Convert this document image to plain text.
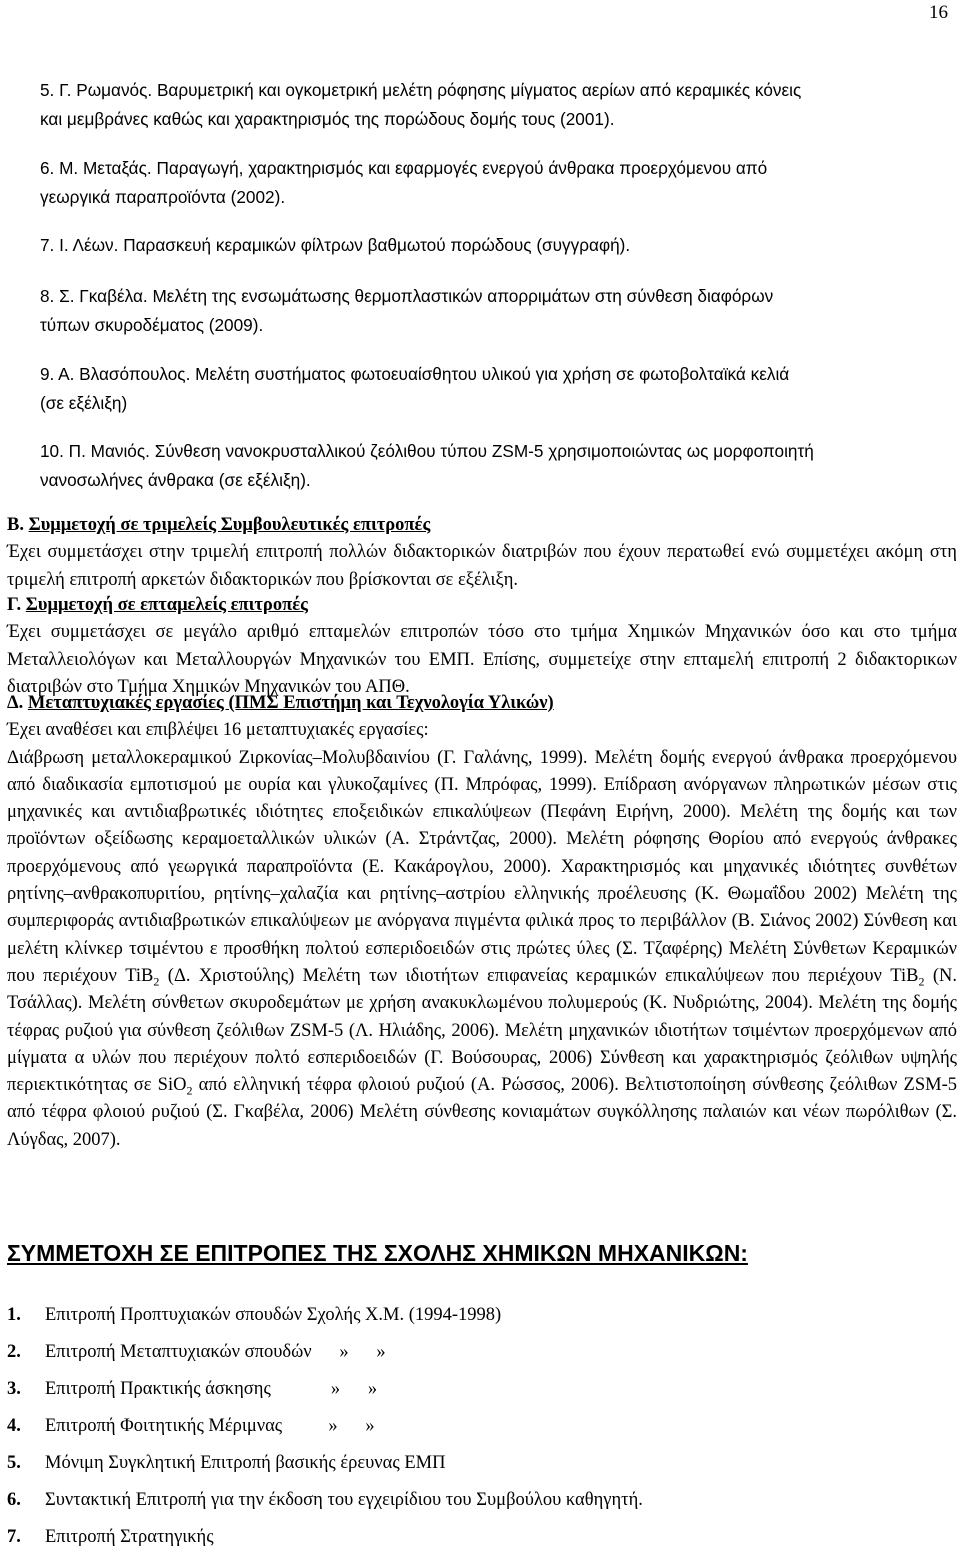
16

5. Γ. Ρωμανός. Βαρυμετρική και ογκομετρική μελέτη ρόφησης μίγματος αερίων από κεραμικές κόνεις
και μεμβράνες καθώς και χαρακτηρισμός της πορώδους δομής τους (2001).

6. Μ. Μεταξάς. Παραγωγή, χαρακτηρισμός και εφαρμογές ενεργού άνθρακα προερχόμενου από
γεωργικά παραπροϊόντα (2002).

7. Ι. Λέων. Παρασκευή κεραμικών φίλτρων βαθμωτού πορώδους (συγγραφή).

8. Σ. Γκαβέλα. Μελέτη της ενσωμάτωσης θερμοπλαστικών απορριμάτων στη σύνθεση διαφόρων
τύπων σκυροδέματος (2009).

9. Α. Βλασόπουλος. Μελέτη συστήματος φωτοευαίσθητου υλικού για χρήση σε φωτοβολταϊκά κελιά
(σε εξέλιξη)

10. Π. Μανιός. Σύνθεση νανοκρυσταλλικού ζεόλιθου τύπου ZSM-5 χρησιμοποιώντας ως μορφοποιητή
νανοσωλήνες άνθρακα (σε εξέλιξη).

Β. Συμμετοχή σε τριμελείς Συμβουλευτικές επιτροπές
Έχει συμμετάσχει στην τριμελή επιτροπή πολλών διδακτορικών διατριβών που έχουν περατωθεί ενώ συμμετέχει ακόμη στη τριμελή επιτροπή αρκετών διδακτορικών που βρίσκονται σε εξέλιξη.

Γ. Συμμετοχή σε επταμελείς επιτροπές
Έχει συμμετάσχει σε μεγάλο αριθμό επταμελών επιτροπών τόσο στο τμήμα Χημικών Μηχανικών όσο και στο τμήμα Μεταλλειολόγων και Μεταλλουργών Μηχανικών του ΕΜΠ. Επίσης, συμμετείχε στην επταμελή επιτροπή 2 διδακτορικων διατριβών στο Τμήμα Χημικών Μηχανικών του ΑΠΘ.

Δ. Μεταπτυχιακές εργασίες (ΠΜΣ Επιστήμη και Τεχνολογία Υλικών)
Έχει αναθέσει και επιβλέψει 16 μεταπτυχιακές εργασίες:
Διάβρωση μεταλλοκεραμικού Ζιρκονίας–Μολυβδαινίου (Γ. Γαλάνης, 1999). Μελέτη δομής ενεργού άνθρακα προερχόμενου από διαδικασία εμποτισμού με ουρία και γλυκοζαμίνες (Π. Μπρόφας, 1999). Επίδραση ανόργανων πληρωτικών μέσων στις μηχανικές και αντιδιαβρωτικές ιδιότητες εποξειδικών επικαλύψεων (Πεφάνη Ειρήνη, 2000). Μελέτη της δομής και των προϊόντων οξείδωσης κεραμοεταλλικών υλικών (Α. Στράντζας, 2000). Μελέτη ρόφησης Θορίου από ενεργούς άνθρακες προερχόμενους από γεωργικά παραπροϊόντα (Ε. Κακάρογλου, 2000). Χαρακτηρισμός και μηχανικές ιδιότητες συνθέτων ρητίνης–ανθρακοπυριτίου, ρητίνης–χαλαζία και ρητίνης–αστρίου ελληνικής προέλευσης (Κ. Θωμαΐδου 2002) Μελέτη της συμπεριφοράς αντιδιαβρωτικών επικαλύψεων με ανόργανα πιγμέντα φιλικά προς το περιβάλλον (Β. Σιάνος 2002) Σύνθεση και μελέτη κλίνκερ τσιμέντου ε προσθήκη πολτού εσπεριδοειδών στις πρώτες ύλες (Σ. Τζαφέρης) Μελέτη Σύνθετων Κεραμικών που περιέχουν TiB$_2$ (Δ. Χριστούλης) Μελέτη των ιδιοτήτων επιφανείας κεραμικών επικαλύψεων που περιέχουν TiB$_2$ (Ν. Τσάλλας). Μελέτη σύνθετων σκυροδεμάτων με χρήση ανακυκλωμένου πολυμερούς (Κ. Νυδριώτης, 2004). Μελέτη της δομής τέφρας ρυζιού για σύνθεση ζεόλιθων ZSM-5 (Λ. Ηλιάδης, 2006). Μελέτη μηχανικών ιδιοτήτων τσιμέντων προερχόμενων από μίγματα α υλών που περιέχουν πολτό εσπεριδοειδών (Γ. Βούσουρας, 2006) Σύνθεση και χαρακτηρισμός ζεόλιθων υψηλής περιεκτικότητας σε SiO$_2$ από ελληνική τέφρα φλοιού ρυζιού (Α. Ρώσσος, 2006). Βελτιστοποίηση σύνθεσης ζεόλιθων ZSM-5 από τέφρα φλοιού ρυζιού (Σ. Γκαβέλα, 2006) Μελέτη σύνθεσης κονιαμάτων συγκόλλησης παλαιών και νέων πωρόλιθων (Σ. Λύγδας, 2007).

ΣΥΜΜΕΤΟΧΗ ΣΕ ΕΠΙΤΡΟΠΕΣ ΤΗΣ ΣΧΟΛΗΣ ΧΗΜΙΚΩΝ ΜΗΧΑΝΙΚΩΝ:
1. Επιτροπή Προπτυχιακών σπουδών Σχολής Χ.Μ. (1994-1998)
2. Επιτροπή Μεταπτυχιακών σπουδών      »      »
3. Επιτροπή Πρακτικής άσκησης             »      »
4. Επιτροπή Φοιτητικής Μέριμνας          »      »
5. Μόνιμη Συγκλητική Επιτροπή βασικής έρευνας ΕΜΠ
6. Συντακτική Επιτροπή για την έκδοση του εγχειρίδιου του Συμβούλου καθηγητή.
7. Επιτροπή Στρατηγικής
